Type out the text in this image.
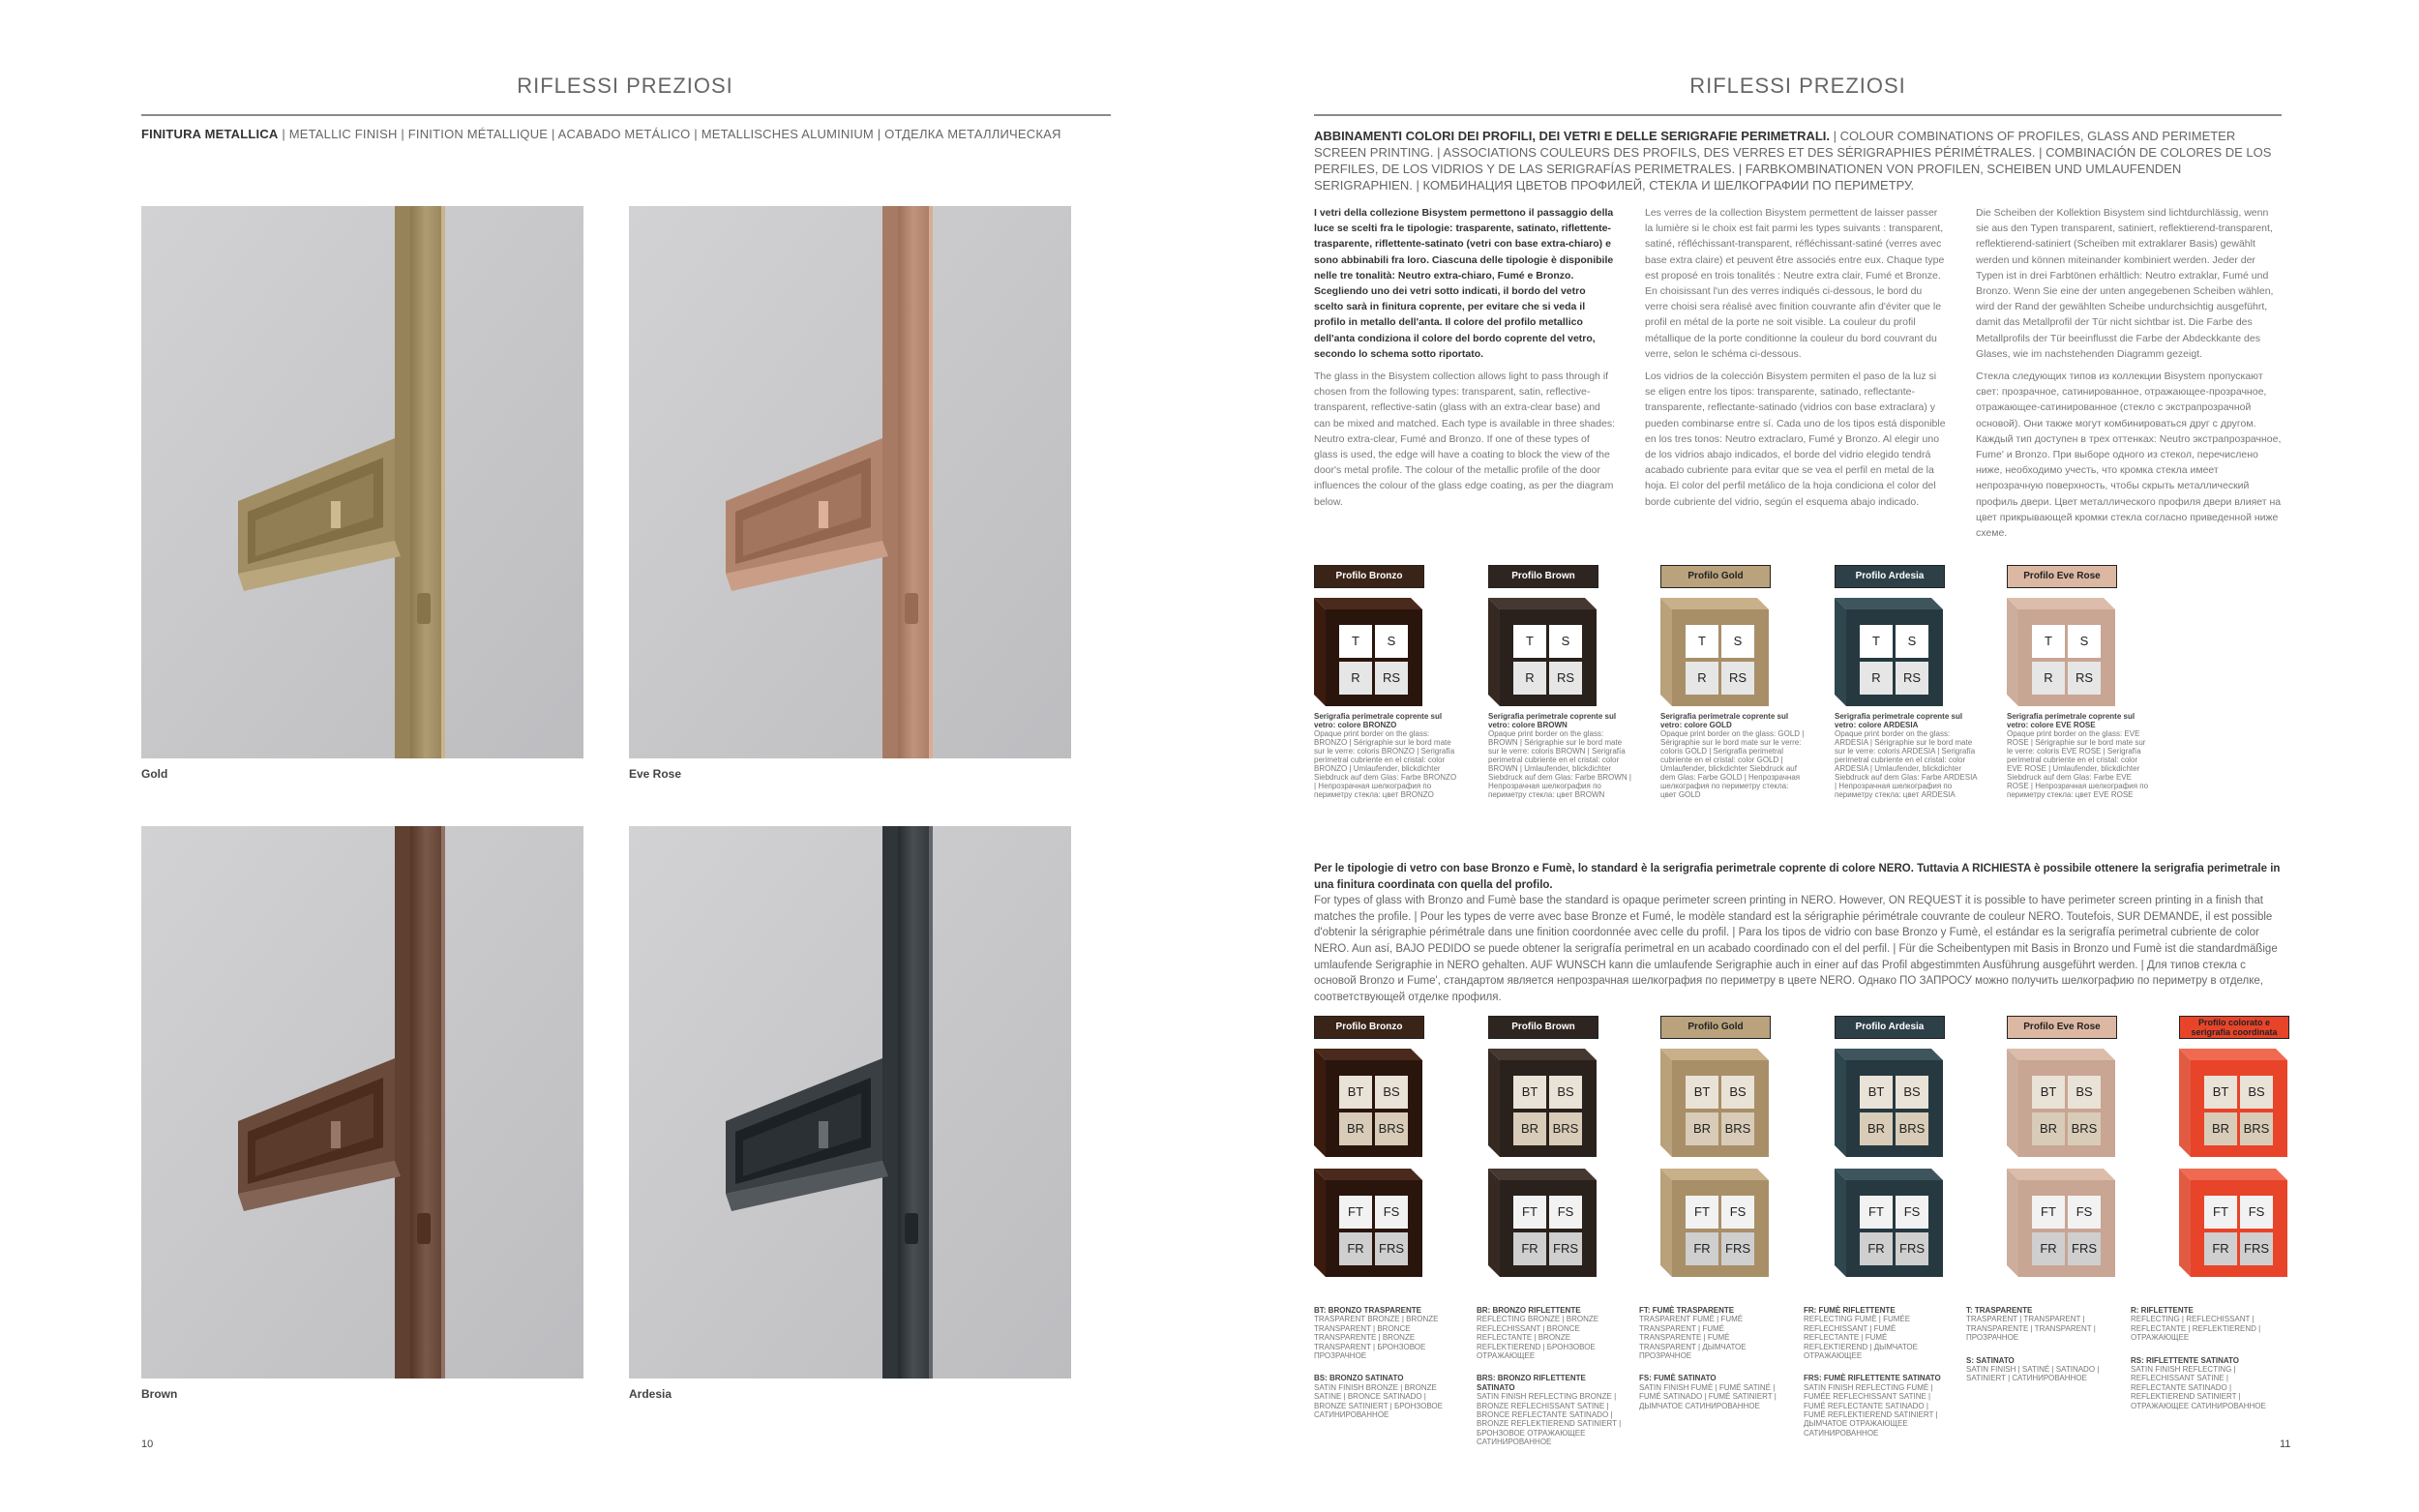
RIFLESSI PREZIOSI
FINITURA METALLICA | METALLIC FINISH | FINITION MÉTALLIQUE | ACABADO METÁLICO | METALLISCHES ALUMINIUM | ОТДЕЛКА МЕТАЛЛИЧЕСКАЯ
Gold	Eve Rose
Brown	Ardesia
10
RIFLESSI PREZIOSI
ABBINAMENTI COLORI DEI PROFILI, DEI VETRI E DELLE SERIGRAFIE PERIMETRALI. | COLOUR COMBINATIONS OF PROFILES, GLASS AND PERIMETER SCREEN PRINTING. | ASSOCIATIONS COULEURS DES PROFILS, DES VERRES ET DES SÉRIGRAPHIES PÉRIMÉTRALES. | COMBINACIÓN DE COLORES DE LOS PERFILES, DE LOS VIDRIOS Y DE LAS SERIGRAFÍAS PERIMETRALES. | FARBKOMBINATIONEN VON PROFILEN, SCHEIBEN UND UMLAUFENDEN SERIGRAPHIEN. | КОМБИНАЦИЯ ЦВЕТОВ ПРОФИЛЕЙ, СТЕКЛА И ШЕЛКОГРАФИИ ПО ПЕРИМЕТРУ.

I vetri della collezione Bisystem permettono il passaggio della luce se scelti fra le tipologie: trasparente, satinato, riflettente-trasparente, riflettente-satinato (vetri con base extra-chiaro) e sono abbinabili fra loro. Ciascuna delle tipologie è disponibile nelle tre tonalità: Neutro extra-chiaro, Fumé e Bronzo. Scegliendo uno dei vetri sotto indicati, il bordo del vetro scelto sarà in finitura coprente, per evitare che si veda il profilo in metallo dell'anta. Il colore del profilo metallico dell'anta condiziona il colore del bordo coprente del vetro, secondo lo schema sotto riportato.

The glass in the Bisystem collection allows light to pass through if chosen from the following types: transparent, satin, reflective-transparent, reflective-satin (glass with an extra-clear base) and can be mixed and matched. Each type is available in three shades: Neutro extra-clear, Fumé and Bronzo. If one of these types of glass is used, the edge will have a coating to block the view of the door's metal profile. The colour of the metallic profile of the door influences the colour of the glass edge coating, as per the diagram below.

Les verres de la collection Bisystem permettent de laisser passer la lumière si le choix est fait parmi les types suivants : transparent, satiné, réfléchissant-transparent, réfléchissant-satiné (verres avec base extra claire) et peuvent être associés entre eux. Chaque type est proposé en trois tonalités : Neutre extra clair, Fumé et Bronze. En choisissant l'un des verres indiqués ci-dessous, le bord du verre choisi sera réalisé avec finition couvrante afin d'éviter que le profil en métal de la porte ne soit visible. La couleur du profil métallique de la porte conditionne la couleur du bord couvrant du verre, selon le schéma ci-dessous.

Los vidrios de la colección Bisystem permiten el paso de la luz si se eligen entre los tipos: transparente, satinado, reflectante-transparente, reflectante-satinado (vidrios con base extraclara) y pueden combinarse entre sí. Cada uno de los tipos está disponible en los tres tonos: Neutro extraclaro, Fumé y Bronzo. Al elegir uno de los vidrios abajo indicados, el borde del vidrio elegido tendrá acabado cubriente para evitar que se vea el perfil en metal de la hoja. El color del perfil metálico de la hoja condiciona el color del borde cubriente del vidrio, según el esquema abajo indicado.

Die Scheiben der Kollektion Bisystem sind lichtdurchlässig, wenn sie aus den Typen transparent, satiniert, reflektierend-transparent, reflektierend-satiniert (Scheiben mit extraklarer Basis) gewählt werden und können miteinander kombiniert werden. Jeder der Typen ist in drei Farbtönen erhältlich: Neutro extraklar, Fumé und Bronzo. Wenn Sie eine der unten angegebenen Scheiben wählen, wird der Rand der gewählten Scheibe undurchsichtig ausgeführt, damit das Metallprofil der Tür nicht sichtbar ist. Die Farbe des Metallprofils der Tür beeinflusst die Farbe der Abdeckkante des Glases, wie im nachstehenden Diagramm gezeigt.

Стекла следующих типов из коллекции Bisystem пропускают свет: прозрачное, сатинированное, отражающее-прозрачное, отражающее-сатинированное (стекло с экстрапрозрачной основой). Они также могут комбинироваться друг с другом. Каждый тип доступен в трех оттенках: Neutro экстрапрозрачное, Fume' и Bronzo. При выборе одного из стекол, перечислено ниже, необходимо учесть, что кромка стекла имеет непрозрачную поверхность, чтобы скрыть металлический профиль двери. Цвет металлического профиля двери влияет на цвет прикрывающей кромки стекла согласно приведенной ниже схеме.

Per le tipologie di vetro con base Bronzo e Fumè, lo standard è la serigrafia perimetrale coprente di colore NERO. Tuttavia A RICHIESTA è possibile ottenere la serigrafia perimetrale in una finitura coordinata con quella del profilo.
For types of glass with Bronzo and Fumè base the standard is opaque perimeter screen printing in NERO. However, ON REQUEST it is possible to have perimeter screen printing in a finish that matches the profile. | Pour les types de verre avec base Bronze et Fumé, le modèle standard est la sérigraphie périmétrale couvrante de couleur NERO. Toutefois, SUR DEMANDE, il est possible d'obtenir la sérigraphie périmétrale dans une finition coordonnée avec celle du profil. | Para los tipos de vidrio con base Bronzo y Fumè, el estándar es la serigrafía perimetral cubriente de color NERO. Aun así, BAJO PEDIDO se puede obtener la serigrafía perimetral en un acabado coordinado con el del perfil. | Für die Scheibentypen mit Basis in Bronzo und Fumè ist die standardmäßige umlaufende Serigraphie in NERO gehalten. AUF WUNSCH kann die umlaufende Serigraphie auch in einer auf das Profil abgestimmten Ausführung ausgeführt werden. | Для типов стекла с основой Bronzo и Fume', стандартом является непрозрачная шелкография по периметру в цвете NERO. Однако ПО ЗАПРОСУ можно получить шелкографию по периметру в отделке, соответствующей отделке профиля.
11
Profilo Bronzo
T	S
R	RS
Serigrafia perimetrale coprente sul vetro: colore BRONZO
Opaque print border on the glass: BRONZO | Sérigraphie sur le bord mate sur le verre: coloris BRONZO | Serigrafía perimetral cubriente en el cristal: color BRONZO | Umlaufender, blickdichter Siebdruck auf dem Glas: Farbe BRONZO | Непрозрачная шелкография по периметру стекла: цвет BRONZO
Profilo Brown
T	S
R	RS
Serigrafia perimetrale coprente sul vetro: colore BROWN
Opaque print border on the glass: BROWN | Sérigraphie sur le bord mate sur le verre: coloris BROWN | Serigrafía perimetral cubriente en el cristal: color BROWN | Umlaufender, blickdichter Siebdruck auf dem Glas: Farbe BROWN | Непрозрачная шелкография по периметру стекла: цвет BROWN
Profilo Gold
T	S
R	RS
Serigrafia perimetrale coprente sul vetro: colore GOLD
Opaque print border on the glass: GOLD | Sérigraphie sur le bord mate sur le verre: coloris GOLD | Serigrafía perimetral cubriente en el cristal: color GOLD | Umlaufender, blickdichter Siebdruck auf dem Glas: Farbe GOLD | Непрозрачная шелкография по периметру стекла: цвет GOLD
Profilo Ardesia
T	S
R	RS
Serigrafia perimetrale coprente sul vetro: colore ARDESIA
Opaque print border on the glass: ARDESIA | Sérigraphie sur le bord mate sur le verre: coloris ARDESIA | Serigrafía perimetral cubriente en el cristal: color ARDESIA | Umlaufender, blickdichter Siebdruck auf dem Glas: Farbe ARDESIA | Непрозрачная шелкография по периметру стекла: цвет ARDESIA
Profilo Eve Rose
T	S
R	RS
Serigrafia perimetrale coprente sul vetro: colore EVE ROSE
Opaque print border on the glass: EVE ROSE | Sérigraphie sur le bord mate sur le verre: coloris EVE ROSE | Serigrafía perimetral cubriente en el cristal: color EVE ROSE | Umlaufender, blickdichter Siebdruck auf dem Glas: Farbe EVE ROSE | Непрозрачная шелкография по периметру стекла: цвет EVE ROSE
Profilo Bronzo
BT	BS
BR	BRS
FT	FS
FR	FRS
Profilo Brown
BT	BS
BR	BRS
FT	FS
FR	FRS
Profilo Gold
BT	BS
BR	BRS
FT	FS
FR	FRS
Profilo Ardesia
BT	BS
BR	BRS
FT	FS
FR	FRS
Profilo Eve Rose
BT	BS
BR	BRS
FT	FS
FR	FRS
Profilo colorato e serigrafia coordinata
BT	BS
BR	BRS
FT	FS
FR	FRS
BT: BRONZO TRASPARENTE
TRASPARENT BRONZE | BRONZE TRANSPARENT | BRONCE TRANSPARENTE | BRONZE TRANSPARENT | БРОНЗОВОЕ ПРОЗРАЧНОЕ
BS: BRONZO SATINATO
SATIN FINISH BRONZE | BRONZE SATINE | BRONCE SATINADO | BRONZE SATINIERT | БРОНЗОВОЕ САТИНИРОВАННОЕ
BR: BRONZO RIFLETTENTE
REFLECTING BRONZE | BRONZE REFLECHISSANT | BRONCE REFLECTANTE | BRONZE REFLEKTIEREND | БРОНЗОВОЕ ОТРАЖАЮЩЕЕ
BRS: BRONZO RIFLETTENTE SATINATO
SATIN FINISH REFLECTING BRONZE | BRONZE REFLECHISSANT SATINE | BRONCE REFLECTANTE SATINADO | BRONZE REFLEKTIEREND SATINIERT | БРОНЗОВОЕ ОТРАЖАЮЩЕЕ САТИНИРОВАННОЕ
FT: FUMÈ TRASPARENTE
TRASPARENT FUMÈ | FUMÉ TRANSPARENT | FUMÉ TRANSPARENTE | FUMÉ TRANSPARENT | ДЫМЧАТОЕ ПРОЗРАЧНОЕ
FS: FUMÈ SATINATO
SATIN FINISH FUMÈ | FUMÉ SATINÉ | FUMÉ SATINADO | FUMÉ SATINIERT | ДЫМЧАТОЕ САТИНИРОВАННОЕ
FR: FUMÈ RIFLETTENTE
REFLECTING FUMÈ | FUMÉE REFLECHISSANT | FUMÉ REFLECTANTE | FUMÉ REFLEKTIEREND | ДЫМЧАТОЕ ОТРАЖАЮЩЕЕ
FRS: FUMÈ RIFLETTENTE SATINATO
SATIN FINISH REFLECTING FUMÈ | FUMÉE REFLECHISSANT SATINE | FUMÉ REFLECTANTE SATINADO | FUMÉ REFLEKTIEREND SATINIERT | ДЫМЧАТОЕ ОТРАЖАЮЩЕЕ САТИНИРОВАННОЕ
T: TRASPARENTE
TRASPARENT | TRANSPARENT | TRANSPARENTE | TRANSPARENT | ПРОЗРАЧНОЕ
S: SATINATO
SATIN FINISH | SATINÉ | SATINADO | SATINIERT | САТИНИРОВАННОЕ
R: RIFLETTENTE
REFLECTING | REFLECHISSANT | REFLECTANTE | REFLEKTIEREND | ОТРАЖАЮЩЕЕ
RS: RIFLETTENTE SATINATO
SATIN FINISH REFLECTING | REFLECHISSANT SATINE | REFLECTANTE SATINADO | REFLEKTIEREND SATINIERT | ОТРАЖАЮЩЕЕ САТИНИРОВАННОЕ
